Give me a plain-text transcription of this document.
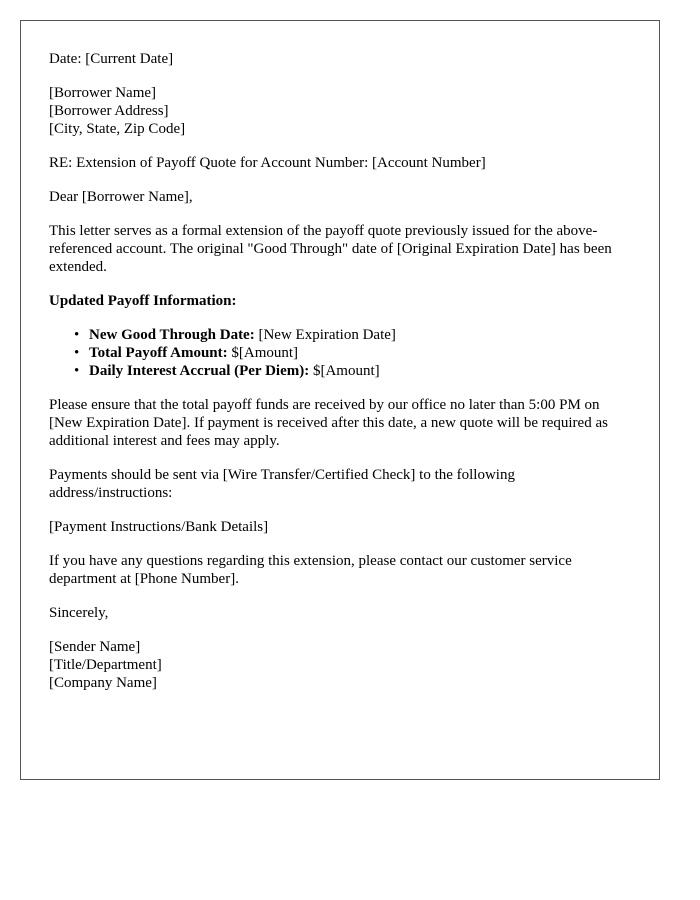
Date: [Current Date]
[Borrower Name]
[Borrower Address]
[City, State, Zip Code]

RE: Extension of Payoff Quote for Account Number: [Account Number]

Dear [Borrower Name],

This letter serves as a formal extension of the payoff quote previously issued for the above-referenced account. The original "Good Through" date of [Original Expiration Date] has been extended.

Updated Payoff Information:

• New Good Through Date: [New Expiration Date]
• Total Payoff Amount: $[Amount]
• Daily Interest Accrual (Per Diem): $[Amount]

Please ensure that the total payoff funds are received by our office no later than 5:00 PM on [New Expiration Date]. If payment is received after this date, a new quote will be required as additional interest and fees may apply.

Payments should be sent via [Wire Transfer/Certified Check] to the following address/instructions:

[Payment Instructions/Bank Details]

If you have any questions regarding this extension, please contact our customer service department at [Phone Number].

Sincerely,

[Sender Name]
[Title/Department]
[Company Name]
